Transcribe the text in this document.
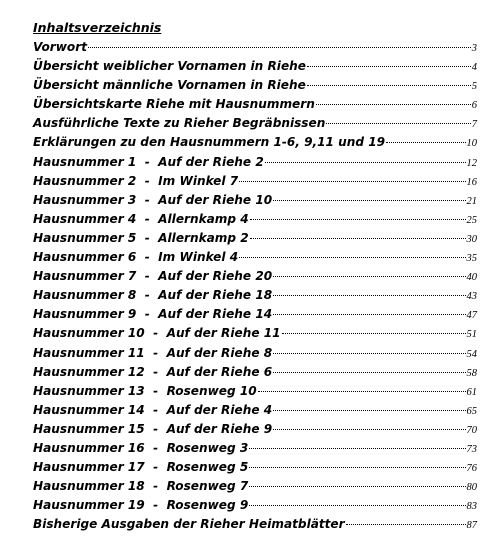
Inhaltsverzeichnis
Vorwort	3
Übersicht weiblicher Vornamen in Riehe	4
Übersicht männliche Vornamen in Riehe	5
Übersichtskarte Riehe mit Hausnummern	6
Ausführliche Texte zu Rieher Begräbnissen	7
Erklärungen zu den Hausnummern 1-6, 9,11 und 19	10
Hausnummer 1  -  Auf der Riehe 2	12
Hausnummer 2  -  Im Winkel 7	16
Hausnummer 3  -  Auf der Riehe 10	21
Hausnummer 4  -  Allernkamp 4	25
Hausnummer 5  -  Allernkamp 2	30
Hausnummer 6  -  Im Winkel 4	35
Hausnummer 7  -  Auf der Riehe 20	40
Hausnummer 8  -  Auf der Riehe 18	43
Hausnummer 9  -  Auf der Riehe 14	47
Hausnummer 10  -  Auf der Riehe 11	51
Hausnummer 11  -  Auf der Riehe 8	54
Hausnummer 12  -  Auf der Riehe 6	58
Hausnummer 13  -  Rosenweg 10	61
Hausnummer 14  -  Auf der Riehe 4	65
Hausnummer 15  -  Auf der Riehe 9	70
Hausnummer 16  -  Rosenweg 3	73
Hausnummer 17  -  Rosenweg 5	76
Hausnummer 18  -  Rosenweg 7	80
Hausnummer 19  -  Rosenweg 9	83
Bisherige Ausgaben der Rieher Heimatblätter	87
